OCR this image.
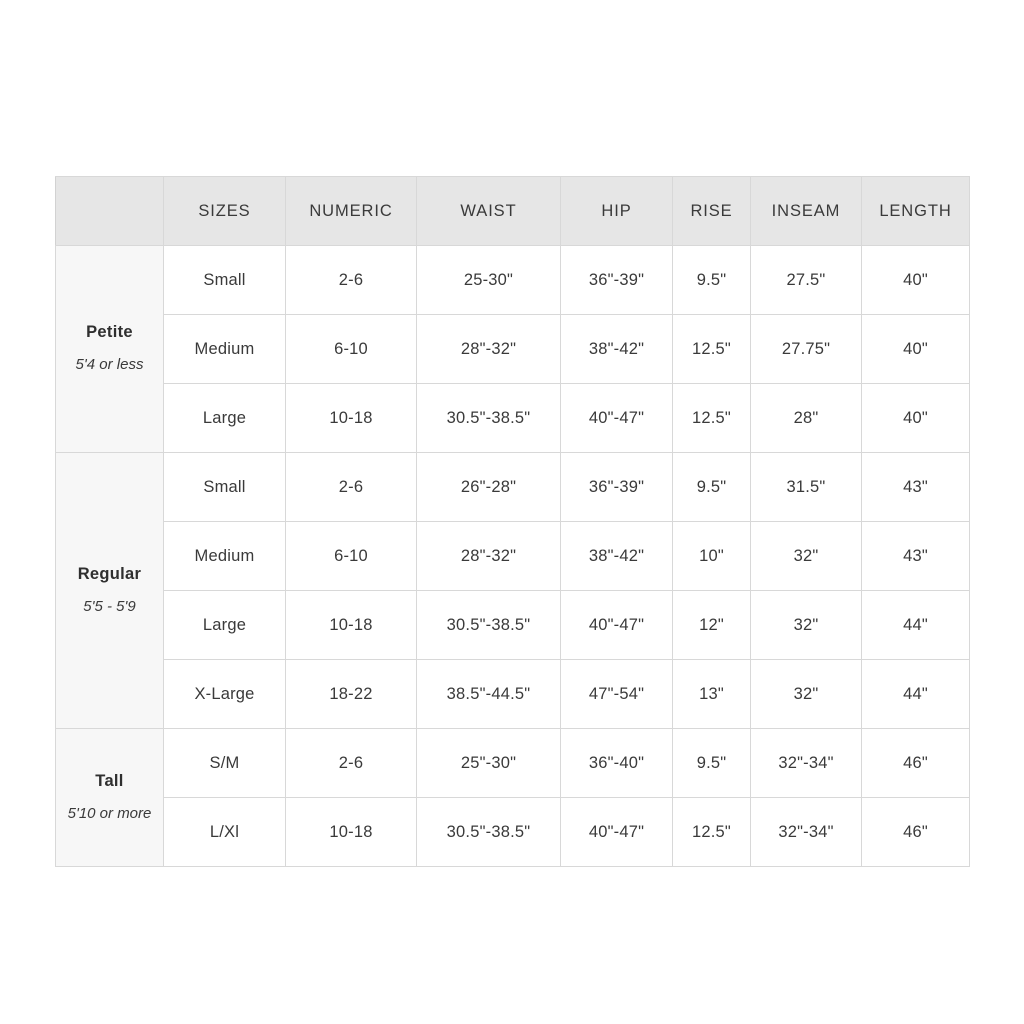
	SIZES	NUMERIC	WAIST	HIP	RISE	INSEAM	LENGTH

Petite
5'4 or less	Small	2-6	25-30"	36"-39"	9.5"	27.5"	40"
	Medium	6-10	28"-32"	38"-42"	12.5"	27.75"	40"
	Large	10-18	30.5"-38.5"	40"-47"	12.5"	28"	40"

Regular
5'5 - 5'9	Small	2-6	26"-28"	36"-39"	9.5"	31.5"	43"
	Medium	6-10	28"-32"	38"-42"	10"	32"	43"
	Large	10-18	30.5"-38.5"	40"-47"	12"	32"	44"
	X-Large	18-22	38.5"-44.5"	47"-54"	13"	32"	44"

Tall
5'10 or more	S/M	2-6	25"-30"	36"-40"	9.5"	32"-34"	46"
	L/Xl	10-18	30.5"-38.5"	40"-47"	12.5"	32"-34"	46"
